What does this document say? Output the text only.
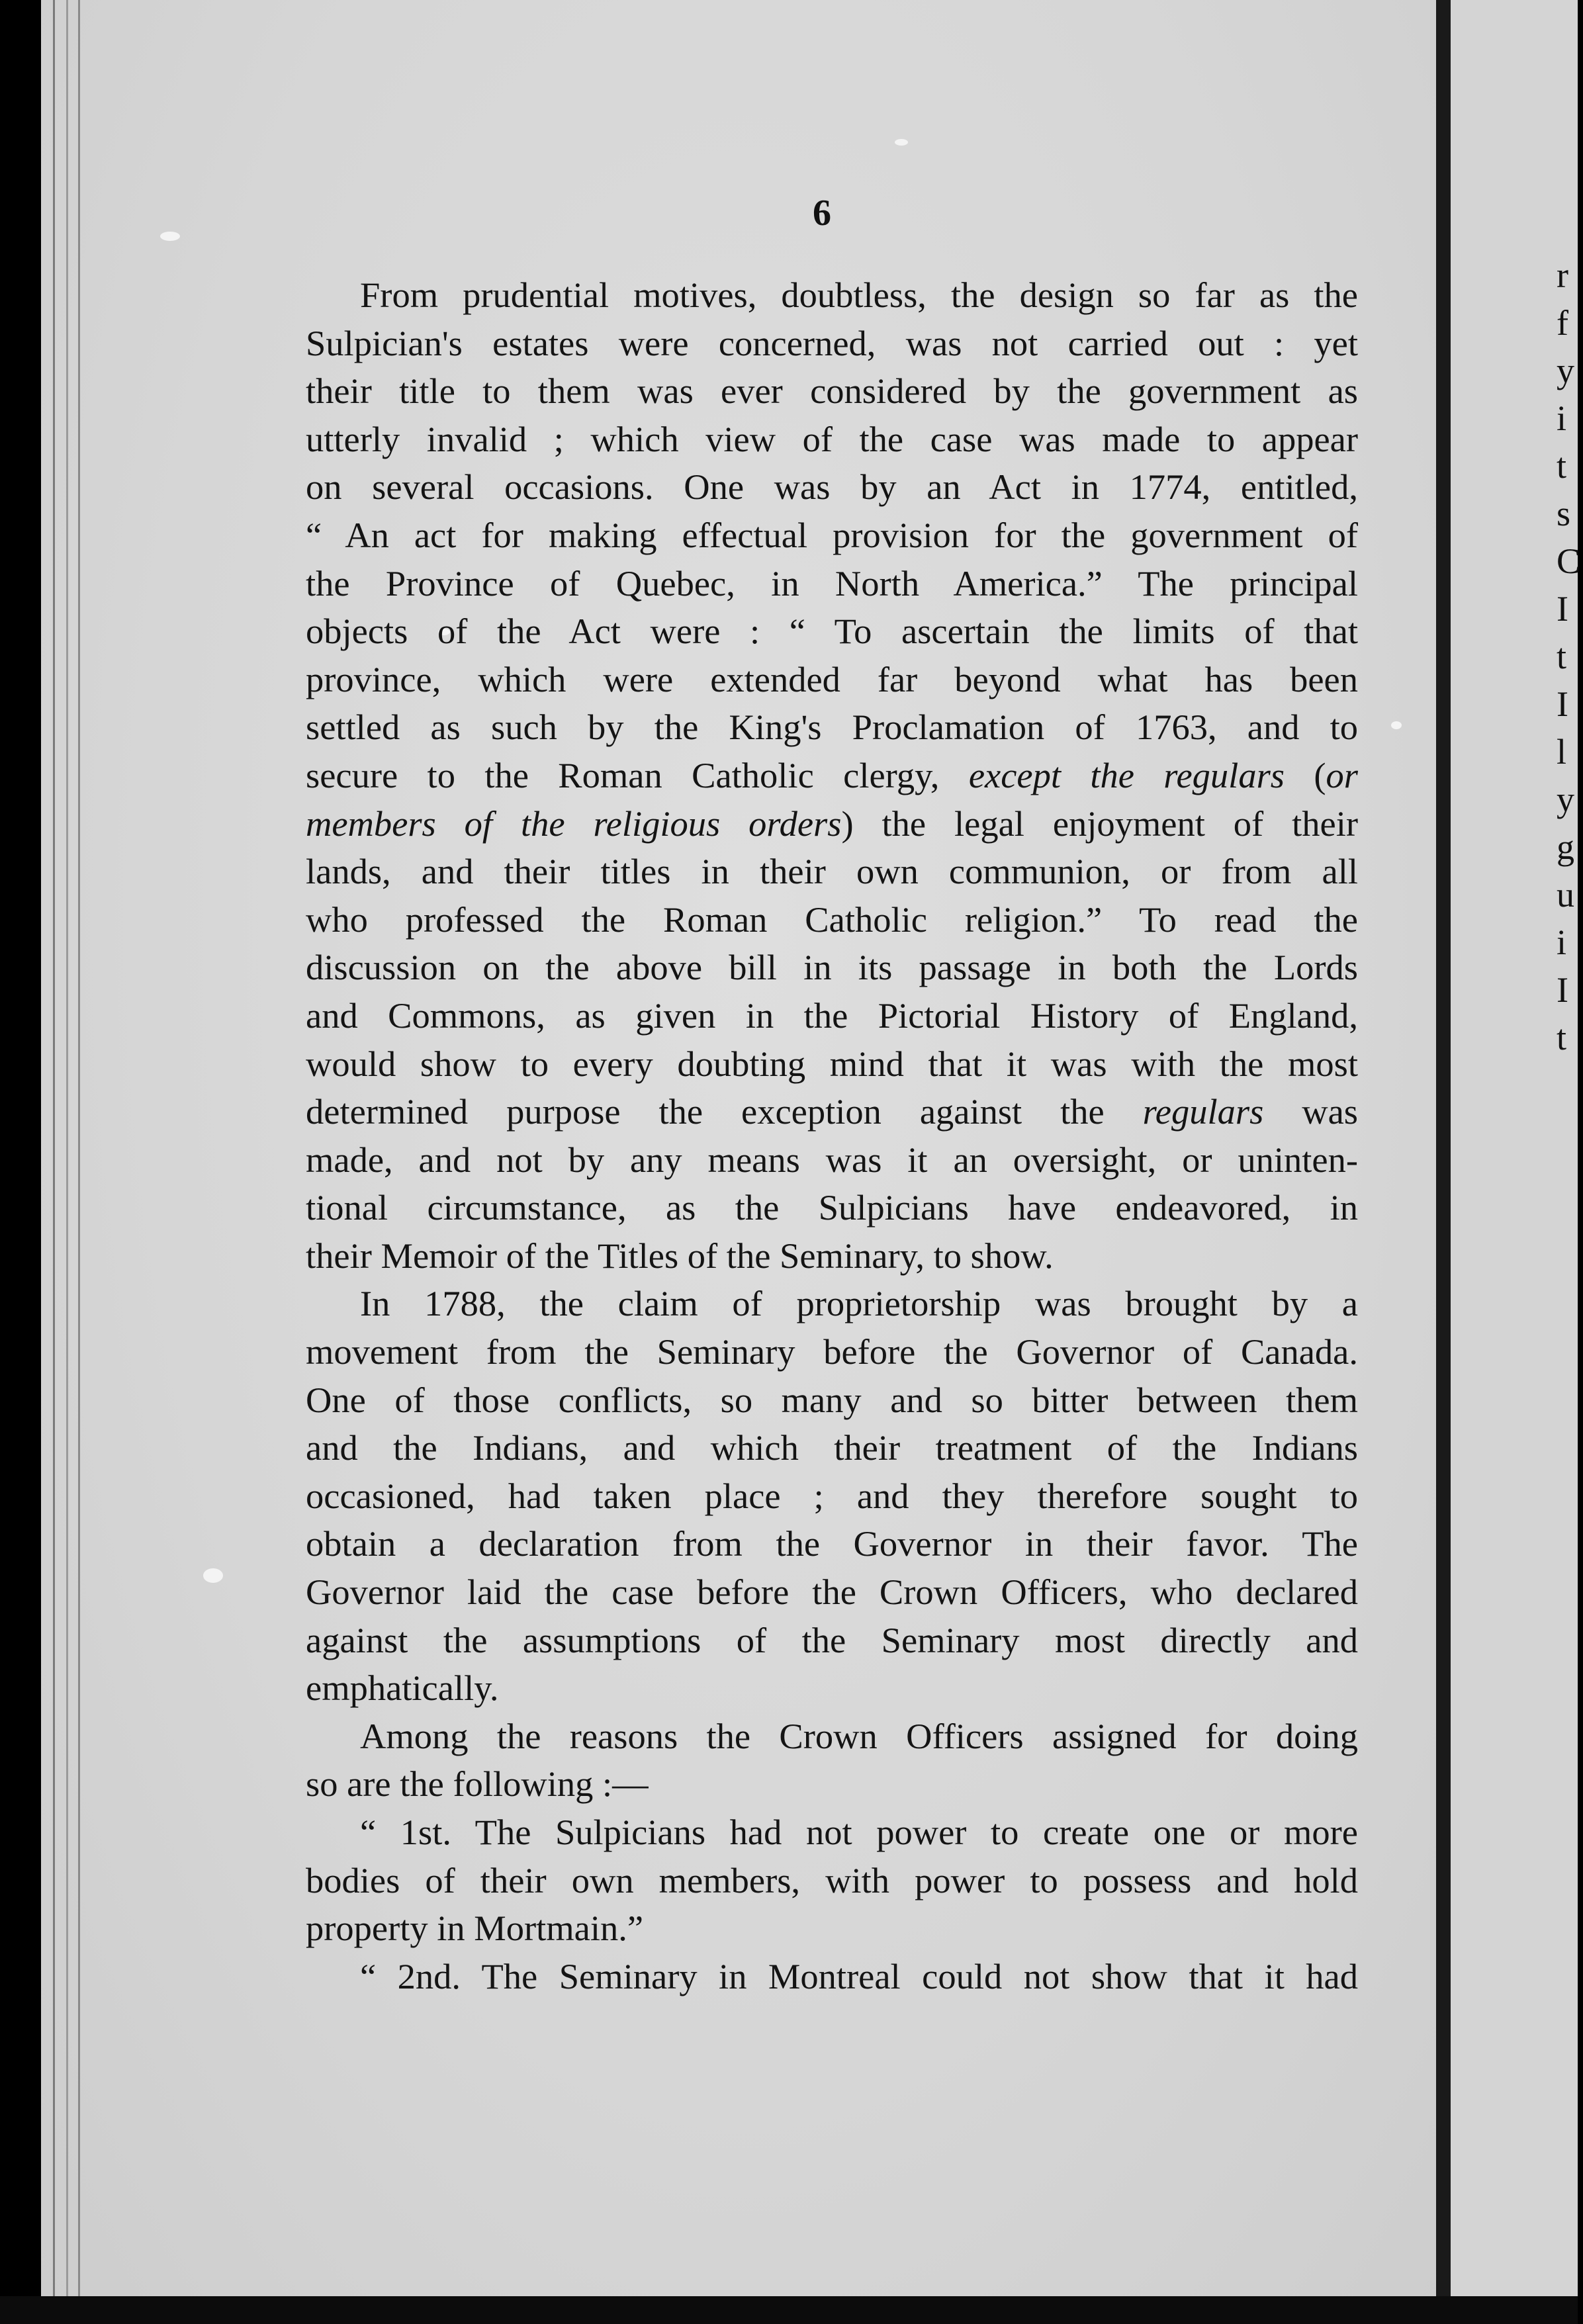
r
f
y
i
t
s
C
I
t
I
l
y
g
u
i
I
t
6
From prudential motives, doubtless, the design so far as the
Sulpician's estates were concerned, was not carried out : yet
their title to them was ever considered by the government as
utterly invalid ; which view of the case was made to appear
on several occasions. One was by an Act in 1774, entitled,
“ An act for making effectual provision for the government of
the Province of Quebec, in North America.” The principal
objects of the Act were : “ To ascertain the limits of that
province, which were extended far beyond what has been
settled as such by the King's Proclamation of 1763, and to
secure to the Roman Catholic clergy, except the regulars (or
members of the religious orders) the legal enjoyment of their
lands, and their titles in their own communion, or from all
who professed the Roman Catholic religion.” To read the
discussion on the above bill in its passage in both the Lords
and Commons, as given in the Pictorial History of England,
would show to every doubting mind that it was with the most
determined purpose the exception against the regulars was
made, and not by any means was it an oversight, or uninten-
tional circumstance, as the Sulpicians have endeavored, in
their Memoir of the Titles of the Seminary, to show.
In 1788, the claim of proprietorship was brought by a
movement from the Seminary before the Governor of Canada.
One of those conflicts, so many and so bitter between them
and the Indians, and which their treatment of the Indians
occasioned, had taken place ; and they therefore sought to
obtain a declaration from the Governor in their favor. The
Governor laid the case before the Crown Officers, who declared
against the assumptions of the Seminary most directly and
emphatically.
Among the reasons the Crown Officers assigned for doing
so are the following :—
“ 1st. The Sulpicians had not power to create one or more
bodies of their own members, with power to possess and hold
property in Mortmain.”
“ 2nd. The Seminary in Montreal could not show that it had
